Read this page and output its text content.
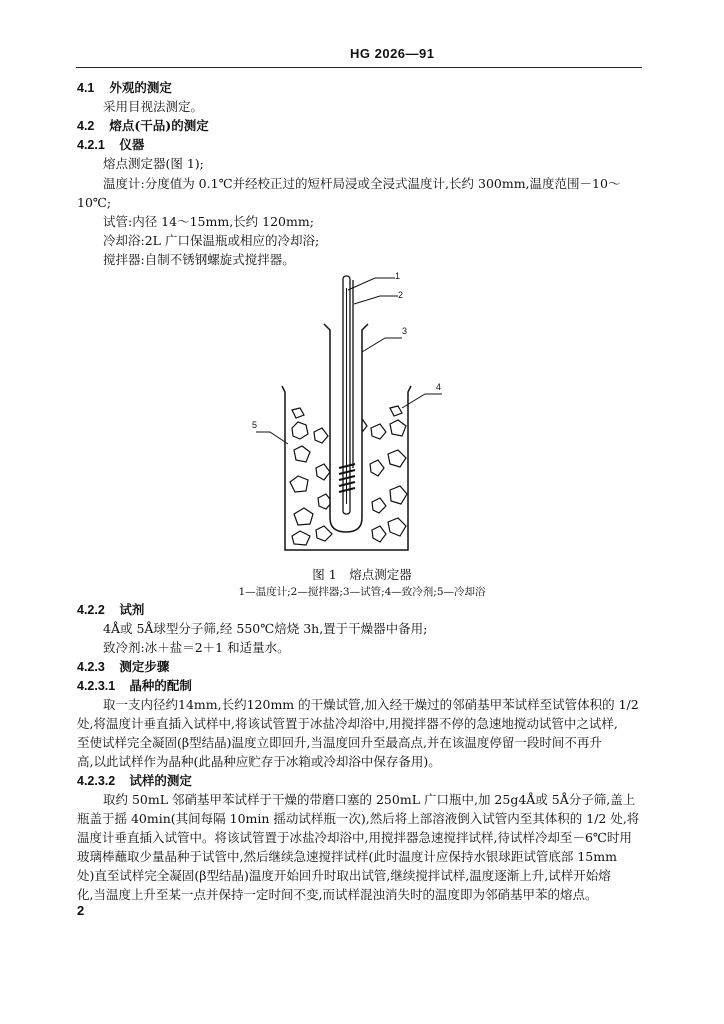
HG 2026—91
4.1 外观的测定
采用目视法测定。
4.2 熔点(干品)的测定
4.2.1 仪器
熔点测定器(图 1);
温度计:分度值为 0.1℃并经校正过的短杆局浸或全浸式温度计,长约 300mm,温度范围－10～
10℃;
试管:内径 14～15mm,长约 120mm;
冷却浴:2L 广口保温瓶或相应的冷却浴;
搅拌器:自制不锈钢螺旋式搅拌器。
1
2
3
4
5
图 1　熔点测定器
1—温度计;2—搅拌器;3—试管;4—致冷剂;5—冷却浴
4.2.2 试剂
4Å或 5Å球型分子筛,经 550℃焙烧 3h,置于干燥器中备用;
致冷剂:冰＋盐＝2＋1 和适量水。
4.2.3 测定步骤
4.2.3.1 晶种的配制
取一支内径约14mm,长约120mm 的干燥试管,加入经干燥过的邻硝基甲苯试样至试管体积的 1/2
处,将温度计垂直插入试样中,将该试管置于冰盐冷却浴中,用搅拌器不停的急速地搅动试管中之试样,
至使试样完全凝固(β型结晶)温度立即回升,当温度回升至最高点,并在该温度停留一段时间不再升
高,以此试样作为晶种(此晶种应贮存于冰箱或冷却浴中保存备用)。
4.2.3.2 试样的测定
取约 50mL 邻硝基甲苯试样于干燥的带磨口塞的 250mL 广口瓶中,加 25g4Å或 5Å分子筛,盖上
瓶盖于摇 40min(其间每隔 10min 摇动试样瓶一次),然后将上部溶液倒入试管内至其体积的 1/2 处,将
温度计垂直插入试管中。将该试管置于冰盐冷却浴中,用搅拌器急速搅拌试样,待试样冷却至－6℃时用
玻璃棒蘸取少量晶种于试管中,然后继续急速搅拌试样(此时温度计应保持水银球距试管底部 15mm
处)直至试样完全凝固(β型结晶)温度开始回升时取出试管,继续搅拌试样,温度逐渐上升,试样开始熔
化,当温度上升至某一点并保持一定时间不变,而试样混浊消失时的温度即为邻硝基甲苯的熔点。
2
